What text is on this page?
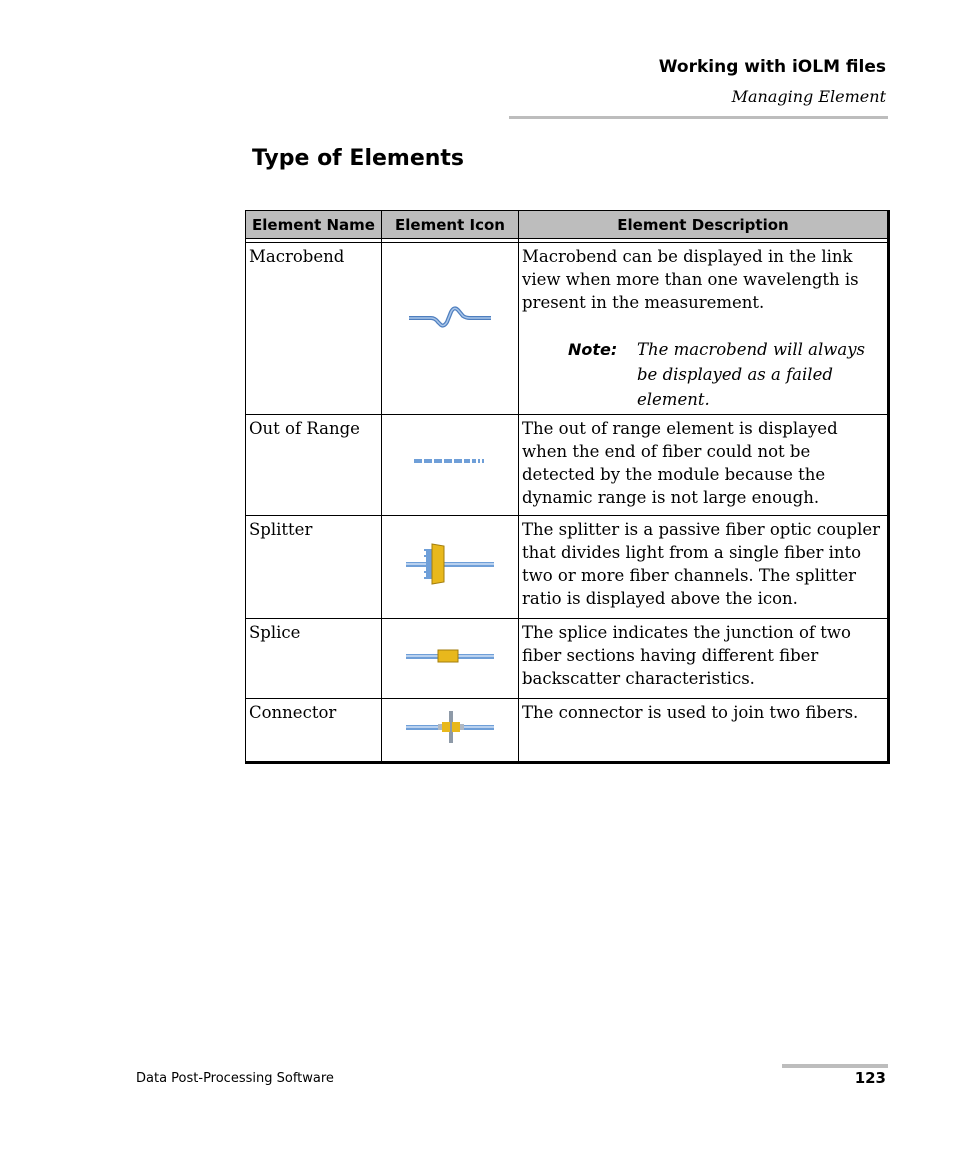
Working with iOLM files
Managing Element
Type of Elements
Element Name	Element Icon	Element Description

Macrobend		Macrobend can be displayed in the link view when more than one wavelength is present in the measurement.
Note: The macrobend will always be displayed as a failed element.

Out of Range		The out of range element is displayed when the end of fiber could not be detected by the module because the dynamic range is not large enough.
Splitter		The splitter is a passive fiber optic coupler that divides light from a single fiber into two or more fiber channels. The splitter ratio is displayed above the icon.
Splice		The splice indicates the junction of two fiber sections having different fiber backscatter characteristics.
Connector		The connector is used to join two fibers.
Data Post-Processing Software	123
